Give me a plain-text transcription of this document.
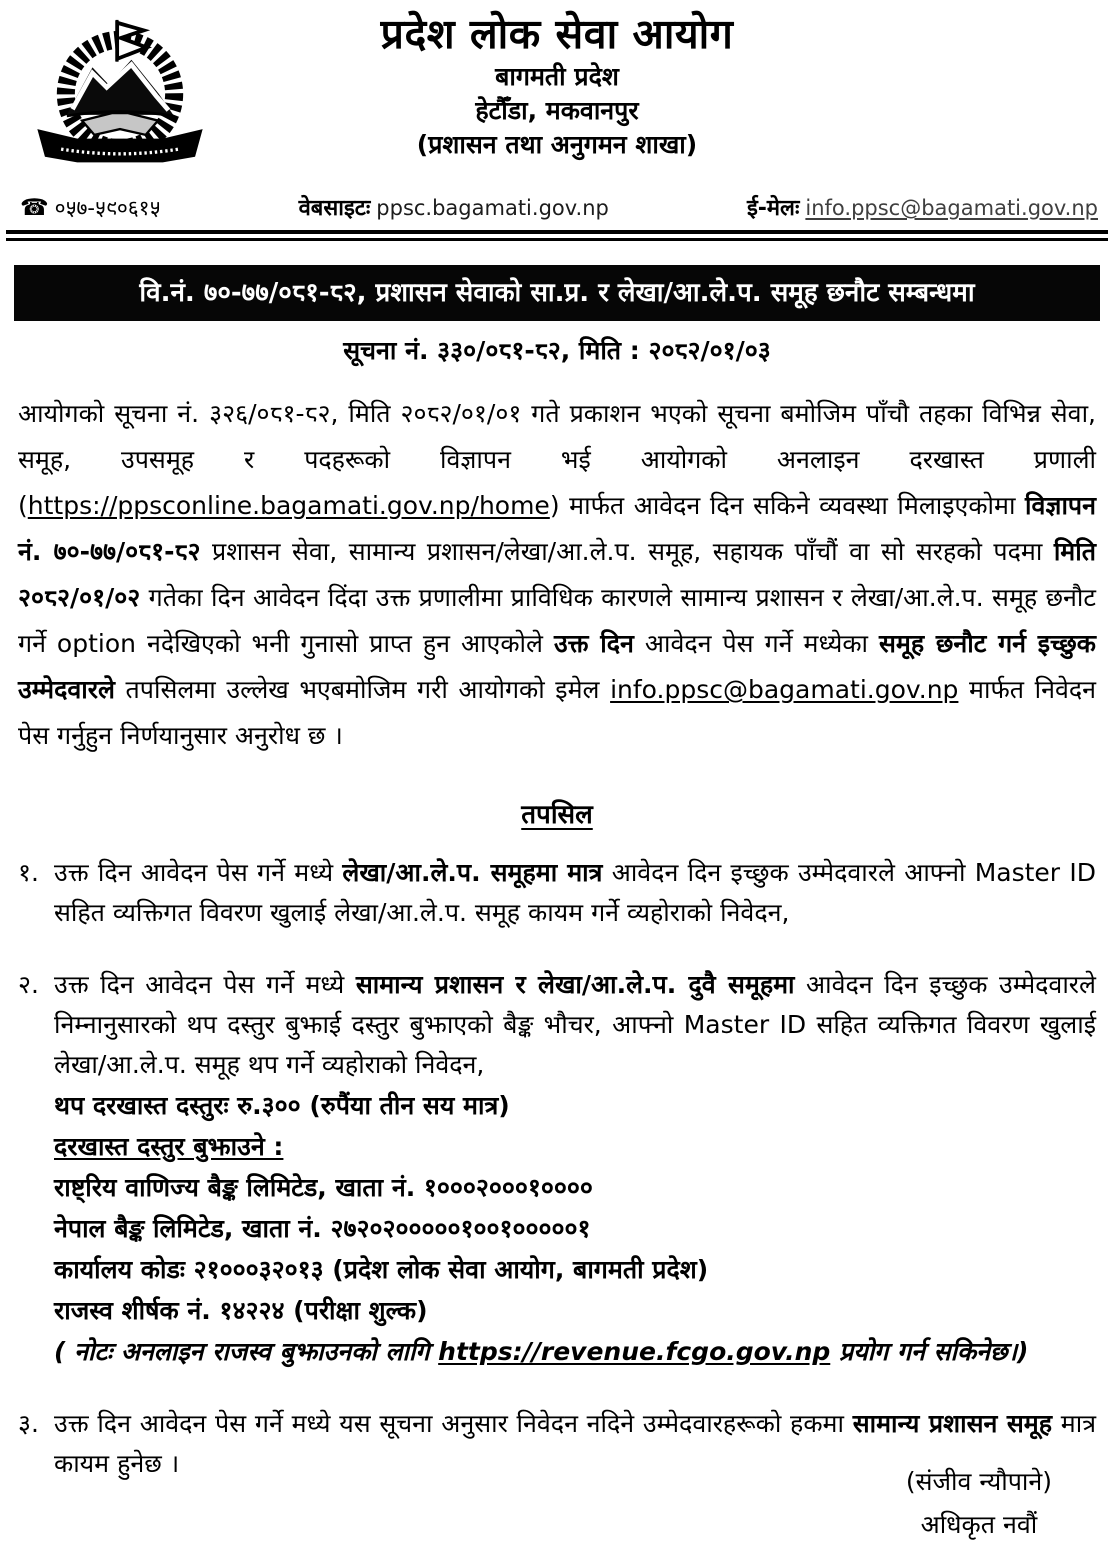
प्रदेश लोक सेवा आयोग
बागमती प्रदेश
हेटौँडा, मकवानपुर
(प्रशासन तथा अनुगमन शाखा)
☎ ०५७-५९०६१५	वेबसाइटः ppsc.bagamati.gov.np	ई-मेलः info.ppsc@bagamati.gov.np
वि.नं. ७०-७७/०८१-८२, प्रशासन सेवाको सा.प्र. र लेखा/आ.ले.प. समूह छनौट सम्बन्धमा
सूचना नं. ३३०/०८१-८२, मिति : २०८२/०१/०३

आयोगको सूचना नं. ३२६/०८१-८२, मिति २०८२/०१/०१ गते प्रकाशन भएको सूचना बमोजिम पाँचौ तहका विभिन्न सेवा, समूह, उपसमूह र पदहरूको विज्ञापन भई आयोगको अनलाइन दरखास्त प्रणाली (https://ppsconline.bagamati.gov.np/home) मार्फत आवेदन दिन सकिने व्यवस्था मिलाइएकोमा विज्ञापन नं. ७०-७७/०८१-८२ प्रशासन सेवा, सामान्य प्रशासन/लेखा/आ.ले.प. समूह, सहायक पाँचौं वा सो सरहको पदमा मिति २०८२/०१/०२ गतेका दिन आवेदन दिंदा उक्त प्रणालीमा प्राविधिक कारणले सामान्य प्रशासन र लेखा/आ.ले.प. समूह छनौट गर्ने option नदेखिएको भनी गुनासो प्राप्त हुन आएकोले उक्त दिन आवेदन पेस गर्ने मध्येका समूह छनौट गर्न इच्छुक उम्मेदवारले तपसिलमा उल्लेख भएबमोजिम गरी आयोगको इमेल info.ppsc@bagamati.gov.np मार्फत निवेदन पेस गर्नुहुन निर्णयानुसार अनुरोध छ ।

तपसिल
१. उक्त दिन आवेदन पेस गर्ने मध्ये लेखा/आ.ले.प. समूहमा मात्र आवेदन दिन इच्छुक उम्मेदवारले आफ्नो Master ID सहित व्यक्तिगत विवरण खुलाई लेखा/आ.ले.प. समूह कायम गर्ने व्यहोराको निवेदन,
२. उक्त दिन आवेदन पेस गर्ने मध्ये सामान्य प्रशासन र लेखा/आ.ले.प. दुवै समूहमा आवेदन दिन इच्छुक उम्मेदवारले निम्नानुसारको थप दस्तुर बुझाई दस्तुर बुझाएको बैङ्क भौचर, आफ्नो Master ID सहित व्यक्तिगत विवरण खुलाई लेखा/आ.ले.प. समूह थप गर्ने व्यहोराको निवेदन,
थप दरखास्त दस्तुरः रु.३०० (रुपैंया तीन सय मात्र)
दरखास्त दस्तुर बुझाउने :
राष्ट्रिय वाणिज्य बैङ्क लिमिटेड, खाता नं. १०००२०००१००००
नेपाल बैङ्क लिमिटेड, खाता नं. २७२०२०००००१००१०००००१
कार्यालय कोडः २१०००३२०१३ (प्रदेश लोक सेवा आयोग, बागमती प्रदेश)
राजस्व शीर्षक नं. १४२२४ (परीक्षा शुल्क)
( नोटः अनलाइन राजस्व बुझाउनको लागि https://revenue.fcgo.gov.np प्रयोग गर्न सकिनेछ।)
३. उक्त दिन आवेदन पेस गर्ने मध्ये यस सूचना अनुसार निवेदन नदिने उम्मेदवारहरूको हकमा सामान्य प्रशासन समूह मात्र कायम हुनेछ ।
(संजीव न्यौपाने)
अधिकृत नवौं
